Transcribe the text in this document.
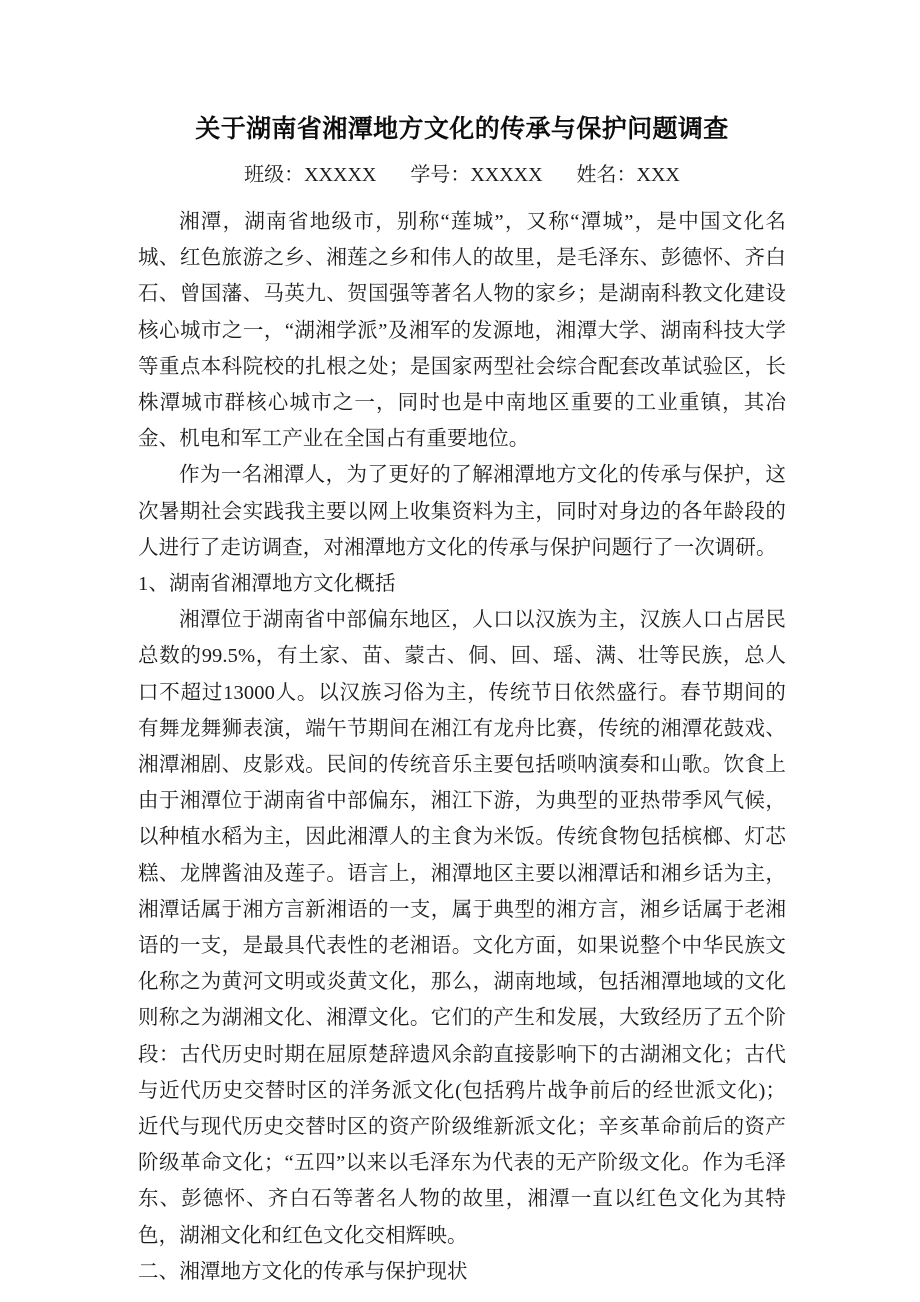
关于湖南省湘潭地方文化的传承与保护问题调查
班级：XXXXX 学号：XXXXX 姓名：XXX

湘潭，湖南省地级市，别称“莲城”，又称“潭城”，是中国文化名城、红色旅游之乡、湘莲之乡和伟人的故里，是毛泽东、彭德怀、齐白石、曾国藩、马英九、贺国强等著名人物的家乡；是湖南科教文化建设核心城市之一，“湖湘学派”及湘军的发源地，湘潭大学、湖南科技大学等重点本科院校的扎根之处；是国家两型社会综合配套改革试验区，长株潭城市群核心城市之一，同时也是中南地区重要的工业重镇，其冶金、机电和军工产业在全国占有重要地位。

作为一名湘潭人，为了更好的了解湘潭地方文化的传承与保护，这次暑期社会实践我主要以网上收集资料为主，同时对身边的各年龄段的人进行了走访调查，对湘潭地方文化的传承与保护问题行了一次调研。

1、湖南省湘潭地方文化概括

湘潭位于湖南省中部偏东地区，人口以汉族为主，汉族人口占居民总数的99.5%，有土家、苗、蒙古、侗、回、瑶、满、壮等民族，总人口不超过13000人。以汉族习俗为主，传统节日依然盛行。春节期间的有舞龙舞狮表演，端午节期间在湘江有龙舟比赛，传统的湘潭花鼓戏、湘潭湘剧、皮影戏。民间的传统音乐主要包括唢呐演奏和山歌。饮食上由于湘潭位于湖南省中部偏东，湘江下游，为典型的亚热带季风气候，以种植水稻为主，因此湘潭人的主食为米饭。传统食物包括槟榔、灯芯糕、龙牌酱油及莲子。语言上，湘潭地区主要以湘潭话和湘乡话为主，湘潭话属于湘方言新湘语的一支，属于典型的湘方言，湘乡话属于老湘语的一支，是最具代表性的老湘语。文化方面，如果说整个中华民族文化称之为黄河文明或炎黄文化，那么，湖南地域，包括湘潭地域的文化则称之为湖湘文化、湘潭文化。它们的产生和发展，大致经历了五个阶段：古代历史时期在屈原楚辞遗风余韵直接影响下的古湖湘文化；古代与近代历史交替时区的洋务派文化(包括鸦片战争前后的经世派文化)；近代与现代历史交替时区的资产阶级维新派文化；辛亥革命前后的资产阶级革命文化；“五四”以来以毛泽东为代表的无产阶级文化。作为毛泽东、彭德怀、齐白石等著名人物的故里，湘潭一直以红色文化为其特色，湖湘文化和红色文化交相辉映。

二、湘潭地方文化的传承与保护现状
